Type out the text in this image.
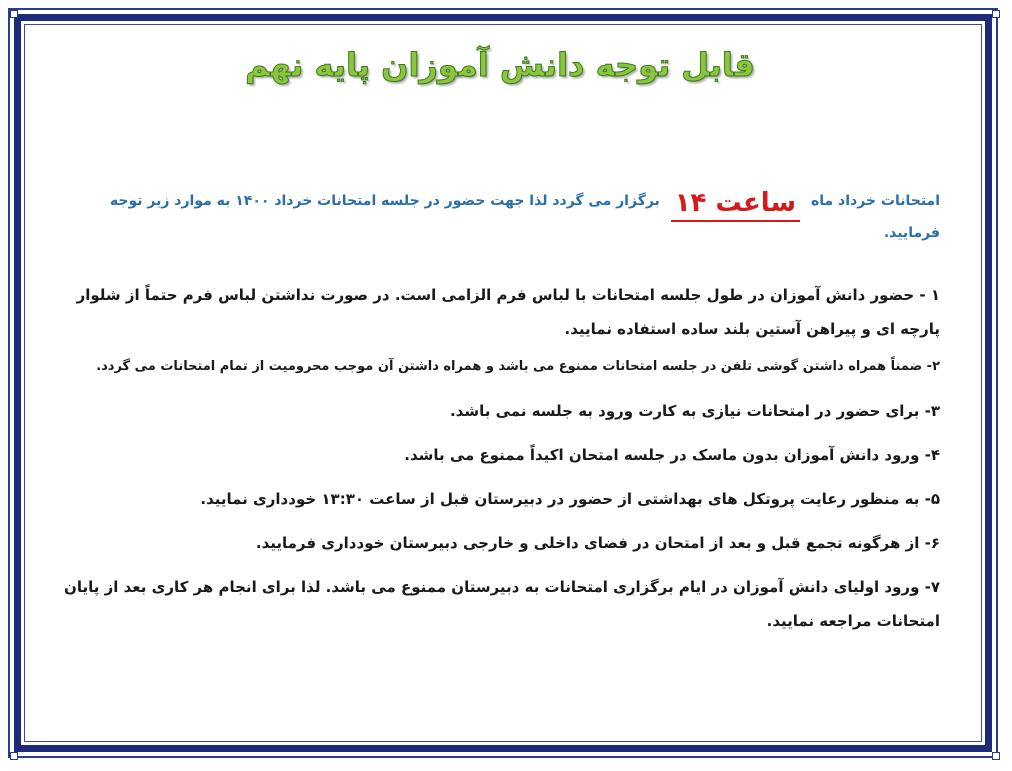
قابل توجه دانش آموزان پایه نهم
امتحانات خرداد ماه ساعت ۱۴ برگزار می گردد لذا جهت حضور در جلسه امتحانات خرداد ۱۴۰۰ به موارد زیر توجه فرمایید.
۱ - حضور دانش آموزان در طول جلسه امتحانات با لباس فرم الزامی است. در صورت نداشتن لباس فرم حتماً از شلوار پارچه ای و پیراهن آستین بلند ساده استفاده نمایید.
۲- ضمناً همراه داشتن گوشی تلفن در جلسه امتحانات ممنوع می باشد و همراه داشتن آن موجب محرومیت از تمام امتحانات می گردد.
۳- برای حضور در امتحانات نیازی به کارت ورود به جلسه نمی باشد.
۴- ورود دانش آموزان بدون ماسک در جلسه امتحان اکیداً ممنوع می باشد.
۵- به منظور رعایت پروتکل های بهداشتی از حضور در دبیرستان قبل از ساعت ۱۳:۳۰ خودداری نمایید.
۶- از هرگونه تجمع قبل و بعد از امتحان در فضای داخلی و خارجی دبیرستان خودداری فرمایید.
۷- ورود اولیای دانش آموزان در ایام برگزاری امتحانات به دبیرستان ممنوع می باشد. لذا برای انجام هر کاری بعد از پایان امتحانات مراجعه نمایید.
